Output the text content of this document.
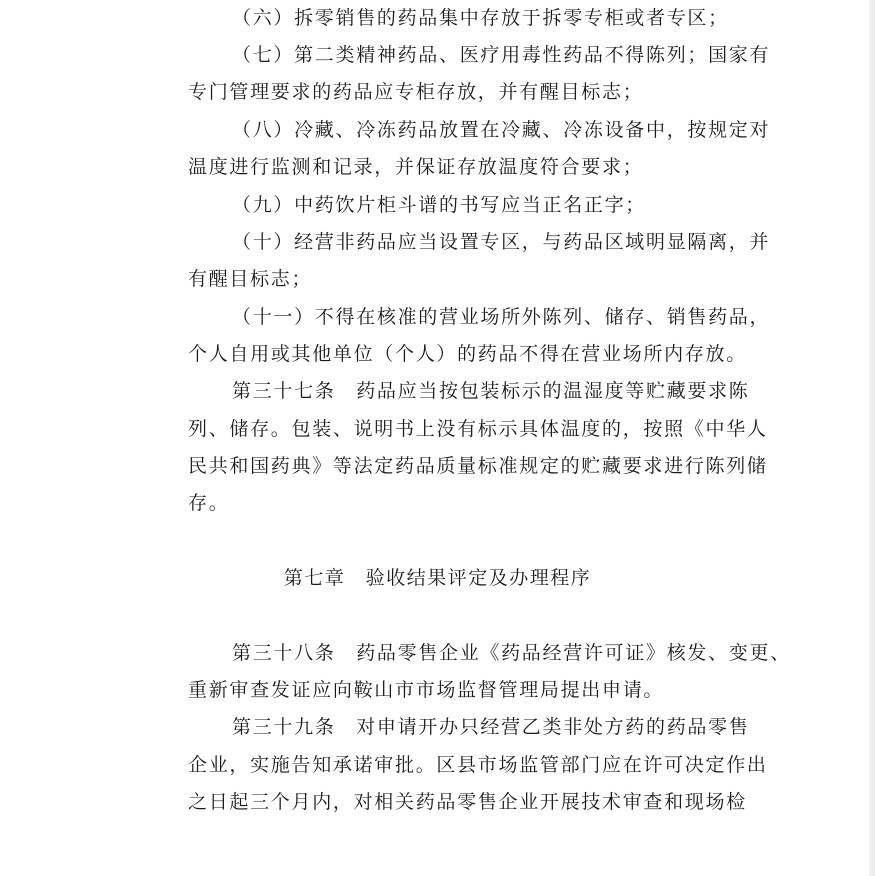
（六）拆零销售的药品集中存放于拆零专柜或者专区；
（七）第二类精神药品、医疗用毒性药品不得陈列；国家有
专门管理要求的药品应专柜存放，并有醒目标志；
（八）冷藏、冷冻药品放置在冷藏、冷冻设备中，按规定对
温度进行监测和记录，并保证存放温度符合要求；
（九）中药饮片柜斗谱的书写应当正名正字；
（十）经营非药品应当设置专区，与药品区域明显隔离，并
有醒目标志；
（十一）不得在核准的营业场所外陈列、储存、销售药品，
个人自用或其他单位（个人）的药品不得在营业场所内存放。
第三十七条　药品应当按包装标示的温湿度等贮藏要求陈
列、储存。包装、说明书上没有标示具体温度的，按照《中华人
民共和国药典》等法定药品质量标准规定的贮藏要求进行陈列储
存。
第七章　验收结果评定及办理程序
第三十八条　药品零售企业《药品经营许可证》核发、变更、
重新审查发证应向鞍山市市场监督管理局提出申请。
第三十九条　对申请开办只经营乙类非处方药的药品零售
企业，实施告知承诺审批。区县市场监管部门应在许可决定作出
之日起三个月内，对相关药品零售企业开展技术审查和现场检
